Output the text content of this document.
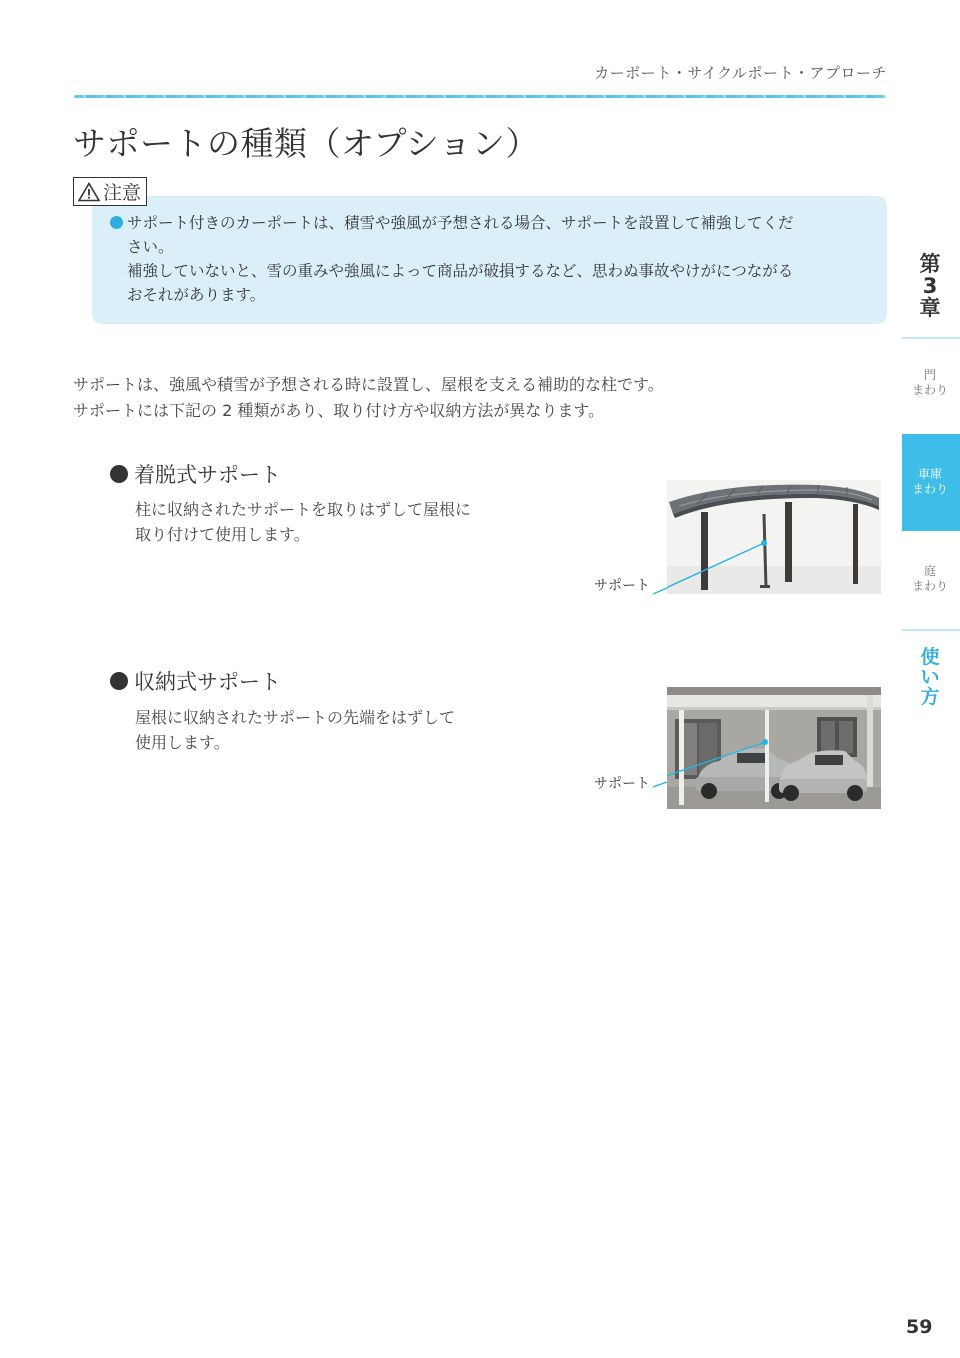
カーポート・サイクルポート・アプローチ
サポートの種類（オプション）
注意

サポート付きのカーポートは、積雪や強風が予想される場合、サポートを設置して補強してくだ

さい。

補強していないと、雪の重みや強風によって商品が破損するなど、思わぬ事故やけがにつながる

おそれがあります。

サポートは、強風や積雪が予想される時に設置し、屋根を支える補助的な柱です。

サポートには下記の 2 種類があり、取り付け方や収納方法が異なります。

着脱式サポート

柱に収納されたサポートを取りはずして屋根に

取り付けて使用します。

サポート
収納式サポート

屋根に収納されたサポートの先端をはずして

使用します。

サポート
第
3
章
門
まわり
車庫
まわり
庭
まわり
使
い
方
59
